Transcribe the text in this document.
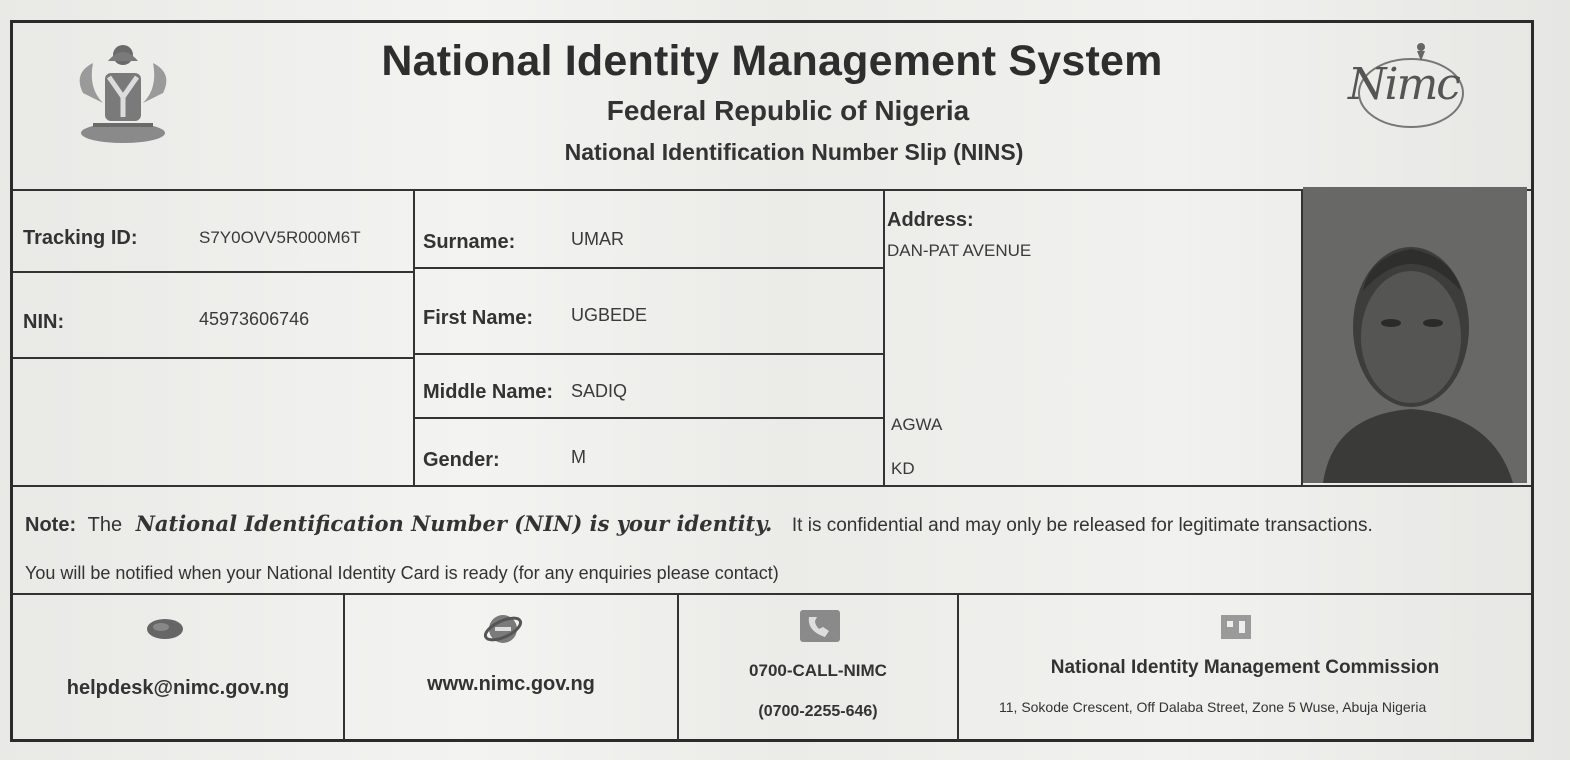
National Identity Management System
Federal Republic of Nigeria
National Identification Number Slip (NINS)
Nimc
Tracking ID:	S7Y0OVV5R000M6T
NIN:	45973606746
Surname:	UMAR
First Name: UGBEDE
Middle Name: SADIQ
Gender:	M
Address:
DAN-PAT AVENUE
AGWA
KD
Note: The National Identification Number (NIN) is your identity. It is confidential and may only be released for legitimate transactions.
You will be notified when your National Identity Card is ready (for any enquiries please contact)
helpdesk@nimc.gov.ng	www.nimc.gov.ng
0700-CALL-NIMC
(0700-2255-646)
National Identity Management Commission
11, Sokode Crescent, Off Dalaba Street, Zone 5 Wuse, Abuja Nigeria
